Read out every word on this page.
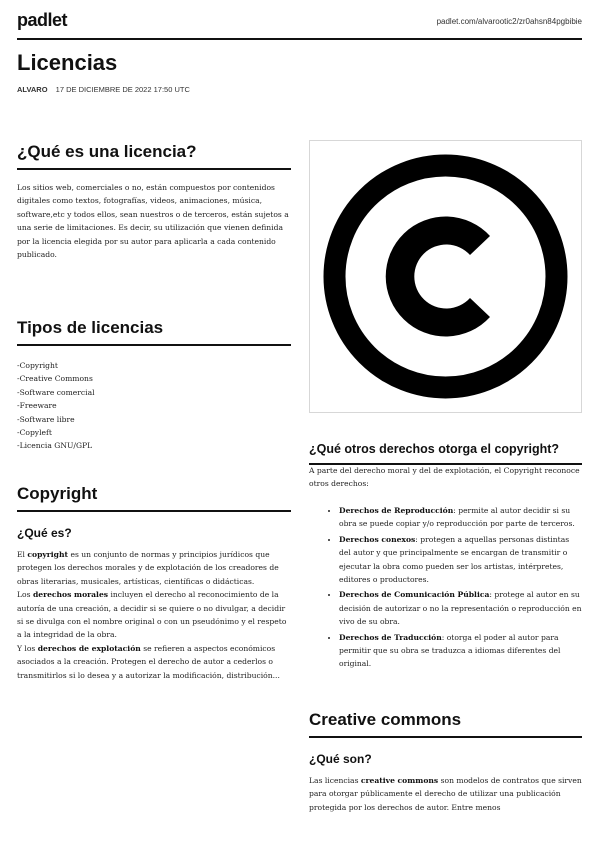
padlet	padlet.com/alvarootic2/zr0ahsn84pgbibie
Licencias
ALVARO 17 DE DICIEMBRE DE 2022 17:50 UTC
¿Qué es una licencia?

Los sitios web, comerciales o no, están compuestos por contenidos digitales como textos, fotografías, videos, animaciones, música, software,etc y todos ellos, sean nuestros o de terceros, están sujetos a una serie de limitaciones. Es decir, su utilización que vienen definida por la licencia elegida por su autor para aplicarla a cada contenido publicado.

Tipos de licencias
-Copyright
-Creative Commons
-Software comercial
-Freeware
-Software libre
-Copyleft
-Licencia GNU/GPL
Copyright
¿Qué es?

El copyright es un conjunto de normas y principios jurídicos que protegen los derechos morales y de explotación de los creadores de obras literarias, musicales, artísticas, científicas o didácticas.
Los derechos morales incluyen el derecho al reconocimiento de la autoría de una creación, a decidir si se quiere o no divulgar, a decidir si se divulga con el nombre original o con un pseudónimo y el respeto a la integridad de la obra.
Y los derechos de explotación se refieren a aspectos económicos asociados a la creación. Protegen el derecho de autor a cederlos o transmitirlos si lo desea y a autorizar la modificación, distribución...

¿Qué otros derechos otorga el copyright?

A parte del derecho moral y del de explotación, el Copyright reconoce otros derechos:

• Derechos de Reproducción: permite al autor decidir si su obra se puede copiar y/o reproducción por parte de terceros.
• Derechos conexos: protegen a aquellas personas distintas del autor y que principalmente se encargan de transmitir o ejecutar la obra como pueden ser los artistas, intérpretes, editores o productores.
• Derechos de Comunicación Pública: protege al autor en su decisión de autorizar o no la representación o reproducción en vivo de su obra.
• Derechos de Traducción: otorga el poder al autor para permitir que su obra se traduzca a idiomas diferentes del original.
Creative commons
¿Qué son?

Las licencias creative commons son modelos de contratos que sirven para otorgar públicamente el derecho de utilizar una publicación protegida por los derechos de autor. Entre menos
